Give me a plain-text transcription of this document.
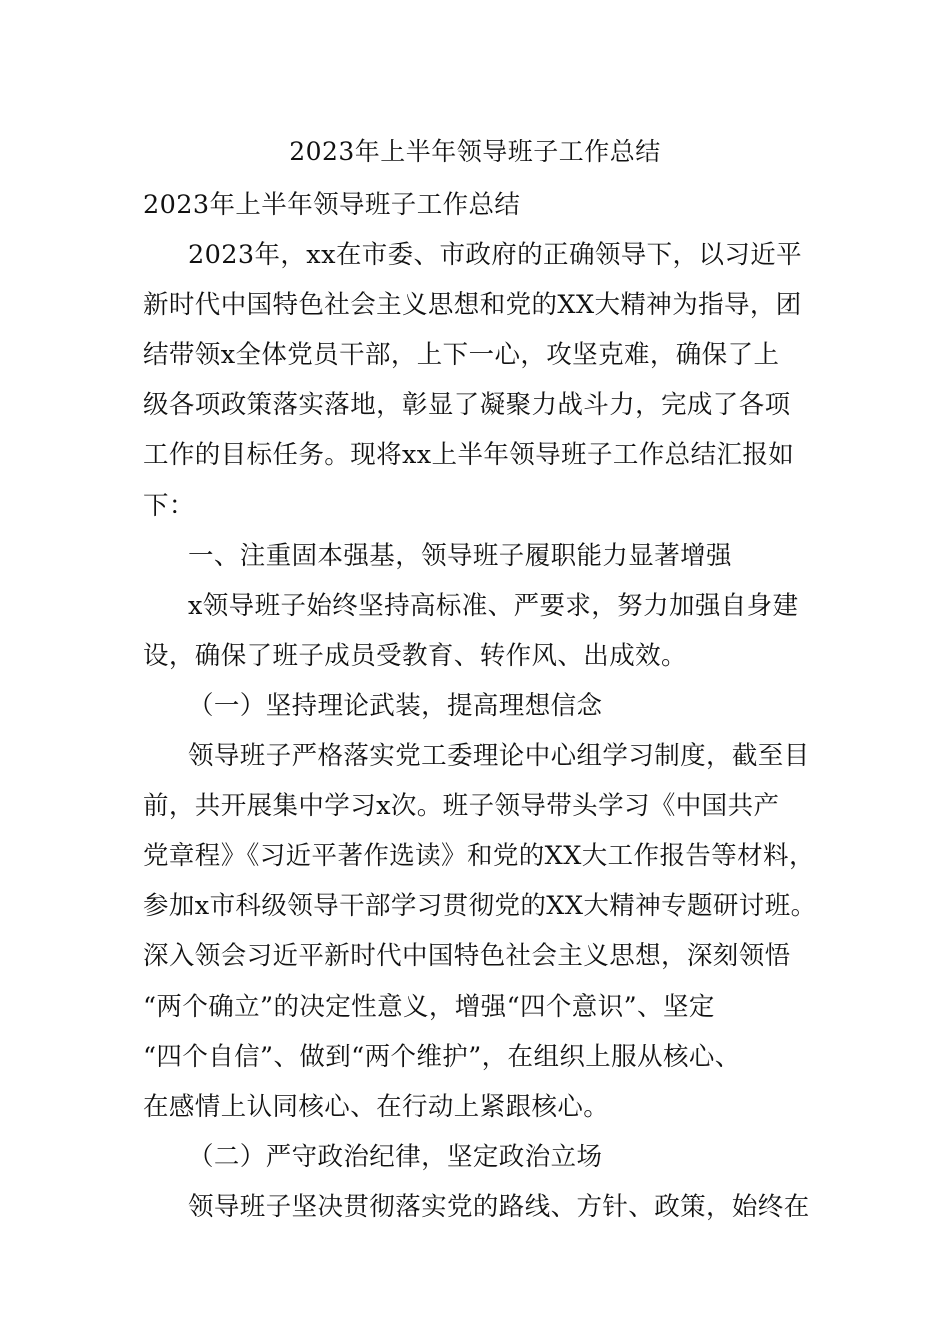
2023年上半年领导班子工作总结
2023年上半年领导班子工作总结
2023年，xx在市委、市政府的正确领导下，以习近平
新时代中国特色社会主义思想和党的XX大精神为指导，团
结带领x全体党员干部，上下一心，攻坚克难，确保了上
级各项政策落实落地，彰显了凝聚力战斗力，完成了各项
工作的目标任务。现将xx上半年领导班子工作总结汇报如
下：
一、注重固本强基，领导班子履职能力显著增强
x领导班子始终坚持高标准、严要求，努力加强自身建
设，确保了班子成员受教育、转作风、出成效。
（一）坚持理论武装，提高理想信念
领导班子严格落实党工委理论中心组学习制度，截至目
前，共开展集中学习x次。班子领导带头学习《中国共产
党章程》《习近平著作选读》和党的XX大工作报告等材料，
参加x市科级领导干部学习贯彻党的XX大精神专题研讨班。
深入领会习近平新时代中国特色社会主义思想，深刻领悟
“两个确立”的决定性意义，增强“四个意识”、坚定
“四个自信”、做到“两个维护”，在组织上服从核心、
在感情上认同核心、在行动上紧跟核心。
（二）严守政治纪律，坚定政治立场
领导班子坚决贯彻落实党的路线、方针、政策，始终在
